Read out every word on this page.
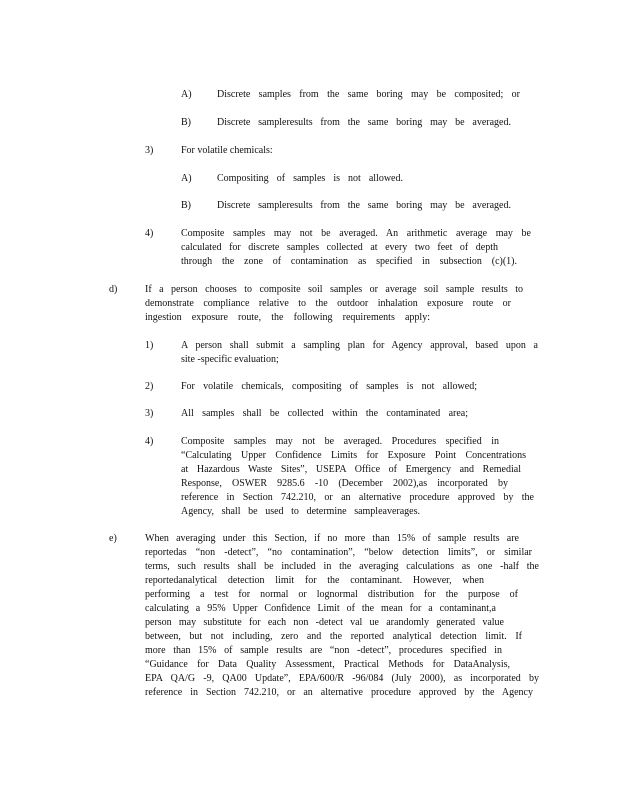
A)	Discrete samples from the same boring may be composited; or
B)	Discrete sampleresults from the same boring may be averaged.
3)	For volatile chemicals:
A)	Compositing of samples is not allowed.
B)	Discrete sampleresults from the same boring may be averaged.
4)	Composite samples may not be averaged. An arithmetic average may be
calculated for discrete samples collected at every two feet of depth
through the zone of contamination as specified in subsection (c)(1).
d)	If a person chooses to composite soil samples or average soil sample results to
demonstrate compliance relative to the outdoor inhalation exposure route or
ingestion exposure route, the following requirements apply:
1)	A person shall submit a sampling plan for Agency approval, based upon a
site -specific evaluation;
2)	For volatile chemicals, compositing of samples is not allowed;
3)	All samples shall be collected within the contaminated area;
4)	Composite samples may not be averaged. Procedures specified in
“Calculating Upper Confidence Limits for Exposure Point Concentrations
at Hazardous Waste Sites”, USEPA Office of Emergency and Remedial
Response, OSWER 9285.6 -10 (December 2002),as incorporated by
reference in Section 742.210, or an alternative procedure approved by the
Agency, shall be used to determine sampleaverages.
e)	When averaging under this Section, if no more than 15% of sample results are
reportedas “non -detect”, “no contamination”, “below detection limits”, or similar
terms, such results shall be included in the averaging calculations as one -half the
reportedanalytical detection limit for the contaminant. However, when
performing a test for normal or lognormal distribution for the purpose of
calculating a 95% Upper Confidence Limit of the mean for a contaminant,a
person may substitute for each non -detect val ue arandomly generated value
between, but not including, zero and the reported analytical detection limit. If
more than 15% of sample results are “non -detect”, procedures specified in
“Guidance for Data Quality Assessment, Practical Methods for DataAnalysis,
EPA QA/G -9, QA00 Update”, EPA/600/R -96/084 (July 2000), as incorporated by
reference in Section 742.210, or an alternative procedure approved by the Agency
